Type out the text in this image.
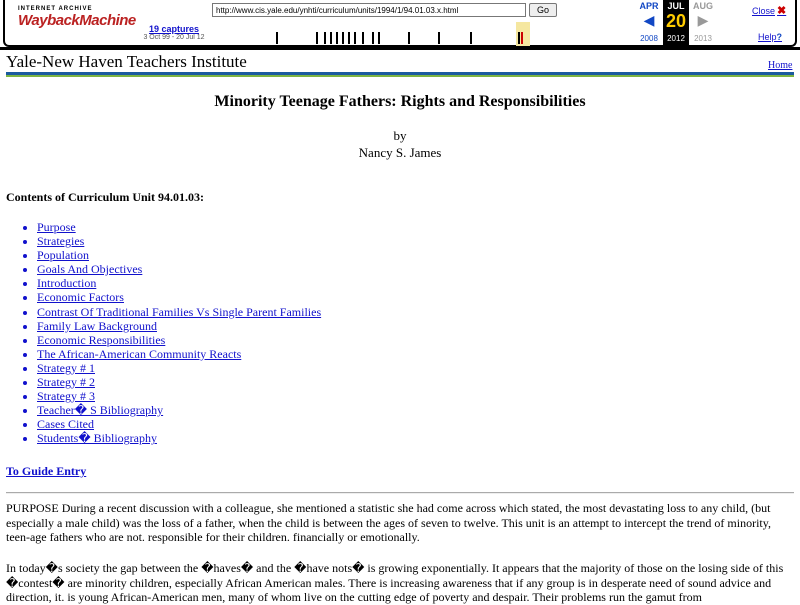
INTERNET ARCHIVE
WaybackMachine
http://www.cis.yale.edu/ynhti/curriculum/units/1994/1/94.01.03.x.html	Go
19 captures
3 Oct 99 - 20 Jul 12
APR
◀
2008
JUL
20
2012
AUG
▶
2013
Close ✖
Help?
Yale-New Haven Teachers Institute	Home
Minority Teenage Fathers: Rights and Responsibilities
by
Nancy S. James
Contents of Curriculum Unit 94.01.03:
• Purpose
• Strategies
• Population
• Goals And Objectives
• Introduction
• Economic Factors
• Contrast Of Traditional Families Vs Single Parent Families
• Family Law Background
• Economic Responsibilities
• The African-American Community Reacts
• Strategy # 1
• Strategy # 2
• Strategy # 3
• Teacher� S Bibliography
• Cases Cited
• Students� Bibliography
To Guide Entry

PURPOSE During a recent discussion with a colleague, she mentioned a statistic she had come across which stated, the most devastating loss to any child, (but especially a male child) was the loss of a father, when the child is between the ages of seven to twelve. This unit is an attempt to intercept the trend of minority, teen-age fathers who are not. responsible for their children. financially or emotionally.

In today�s society the gap between the �haves� and the �have nots� is growing exponentially. It appears that the majority of those on the losing side of this �contest� are minority children, especially African American males. There is increasing awareness that if any group is in desperate need of sound advice and direction, it. is young African-American men, many of whom live on the cutting edge of poverty and despair. Their problems run the gamut from
